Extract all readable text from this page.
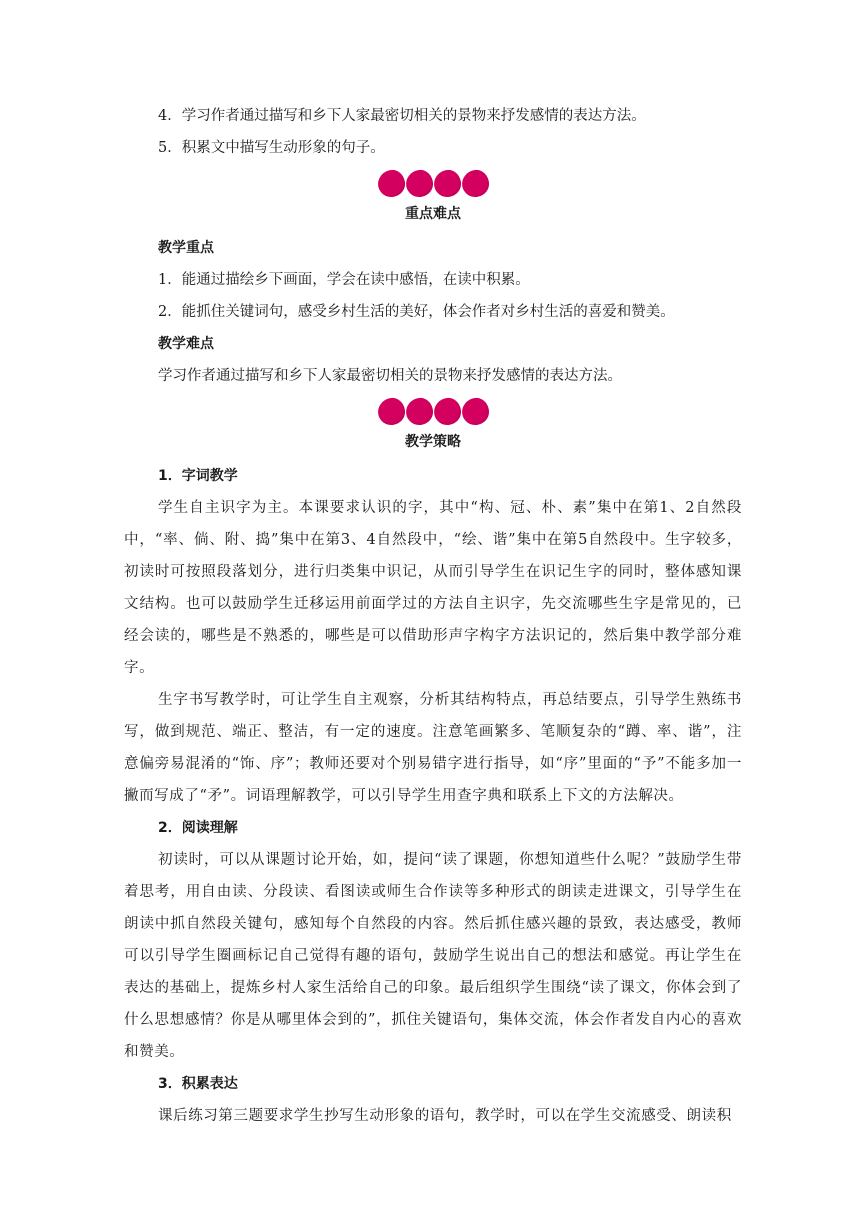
4．学习作者通过描写和乡下人家最密切相关的景物来抒发感情的表达方法。
5．积累文中描写生动形象的句子。
重点难点
教学重点
1．能通过描绘乡下画面，学会在读中感悟，在读中积累。
2．能抓住关键词句，感受乡村生活的美好，体会作者对乡村生活的喜爱和赞美。
教学难点
学习作者通过描写和乡下人家最密切相关的景物来抒发感情的表达方法。
教学策略
1．字词教学
学生自主识字为主。本课要求认识的字，其中“构、冠、朴、素”集中在第1、2自然段中，“率、倘、附、捣”集中在第3、4自然段中，“绘、谐”集中在第5自然段中。生字较多，初读时可按照段落划分，进行归类集中识记，从而引导学生在识记生字的同时，整体感知课文结构。也可以鼓励学生迁移运用前面学过的方法自主识字，先交流哪些生字是常见的，已经会读的，哪些是不熟悉的，哪些是可以借助形声字构字方法识记的，然后集中教学部分难字。
生字书写教学时，可让学生自主观察，分析其结构特点，再总结要点，引导学生熟练书写，做到规范、端正、整洁，有一定的速度。注意笔画繁多、笔顺复杂的“蹲、率、谐”，注意偏旁易混淆的“饰、序”；教师还要对个别易错字进行指导，如“序”里面的“予”不能多加一撇而写成了“矛”。词语理解教学，可以引导学生用查字典和联系上下文的方法解决。
2．阅读理解
初读时，可以从课题讨论开始，如，提问“读了课题，你想知道些什么呢？”鼓励学生带着思考，用自由读、分段读、看图读或师生合作读等多种形式的朗读走进课文，引导学生在朗读中抓自然段关键句，感知每个自然段的内容。然后抓住感兴趣的景致，表达感受，教师可以引导学生圈画标记自己觉得有趣的语句，鼓励学生说出自己的想法和感觉。再让学生在表达的基础上，提炼乡村人家生活给自己的印象。最后组织学生围绕“读了课文，你体会到了什么思想感情？你是从哪里体会到的”，抓住关键语句，集体交流，体会作者发自内心的喜欢和赞美。
3．积累表达
课后练习第三题要求学生抄写生动形象的语句，教学时，可以在学生交流感受、朗读积
